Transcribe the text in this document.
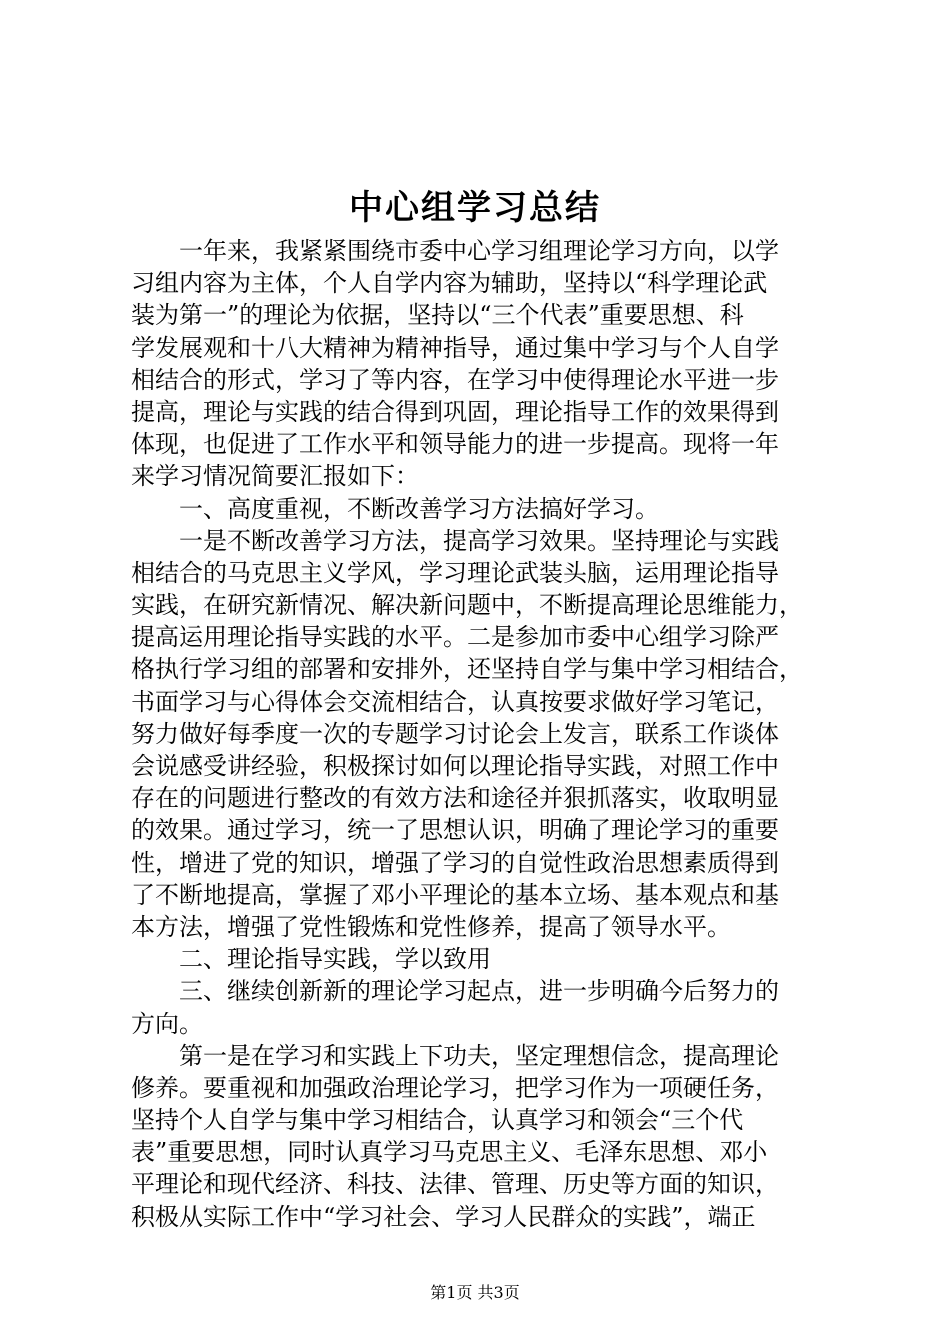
中心组学习总结
　　一年来，我紧紧围绕市委中心学习组理论学习方向，以学
习组内容为主体，个人自学内容为辅助，坚持以“科学理论武
装为第一”的理论为依据，坚持以“三个代表”重要思想、科
学发展观和十八大精神为精神指导，通过集中学习与个人自学
相结合的形式，学习了等内容，在学习中使得理论水平进一步
提高，理论与实践的结合得到巩固，理论指导工作的效果得到
体现，也促进了工作水平和领导能力的进一步提高。现将一年
来学习情况简要汇报如下：
　　一、高度重视，不断改善学习方法搞好学习。
　　一是不断改善学习方法，提高学习效果。坚持理论与实践
相结合的马克思主义学风，学习理论武装头脑，运用理论指导
实践，在研究新情况、解决新问题中，不断提高理论思维能力，
提高运用理论指导实践的水平。二是参加市委中心组学习除严
格执行学习组的部署和安排外，还坚持自学与集中学习相结合，
书面学习与心得体会交流相结合，认真按要求做好学习笔记，
努力做好每季度一次的专题学习讨论会上发言，联系工作谈体
会说感受讲经验，积极探讨如何以理论指导实践，对照工作中
存在的问题进行整改的有效方法和途径并狠抓落实，收取明显
的效果。通过学习，统一了思想认识，明确了理论学习的重要
性，增进了党的知识，增强了学习的自觉性政治思想素质得到
了不断地提高，掌握了邓小平理论的基本立场、基本观点和基
本方法，增强了党性锻炼和党性修养，提高了领导水平。
　　二、理论指导实践，学以致用
　　三、继续创新新的理论学习起点，进一步明确今后努力的
方向。
　　第一是在学习和实践上下功夫，坚定理想信念，提高理论
修养。要重视和加强政治理论学习，把学习作为一项硬任务，
坚持个人自学与集中学习相结合，认真学习和领会“三个代
表”重要思想，同时认真学习马克思主义、毛泽东思想、邓小
平理论和现代经济、科技、法律、管理、历史等方面的知识，
积极从实际工作中“学习社会、学习人民群众的实践”，端正
第1页 共3页
